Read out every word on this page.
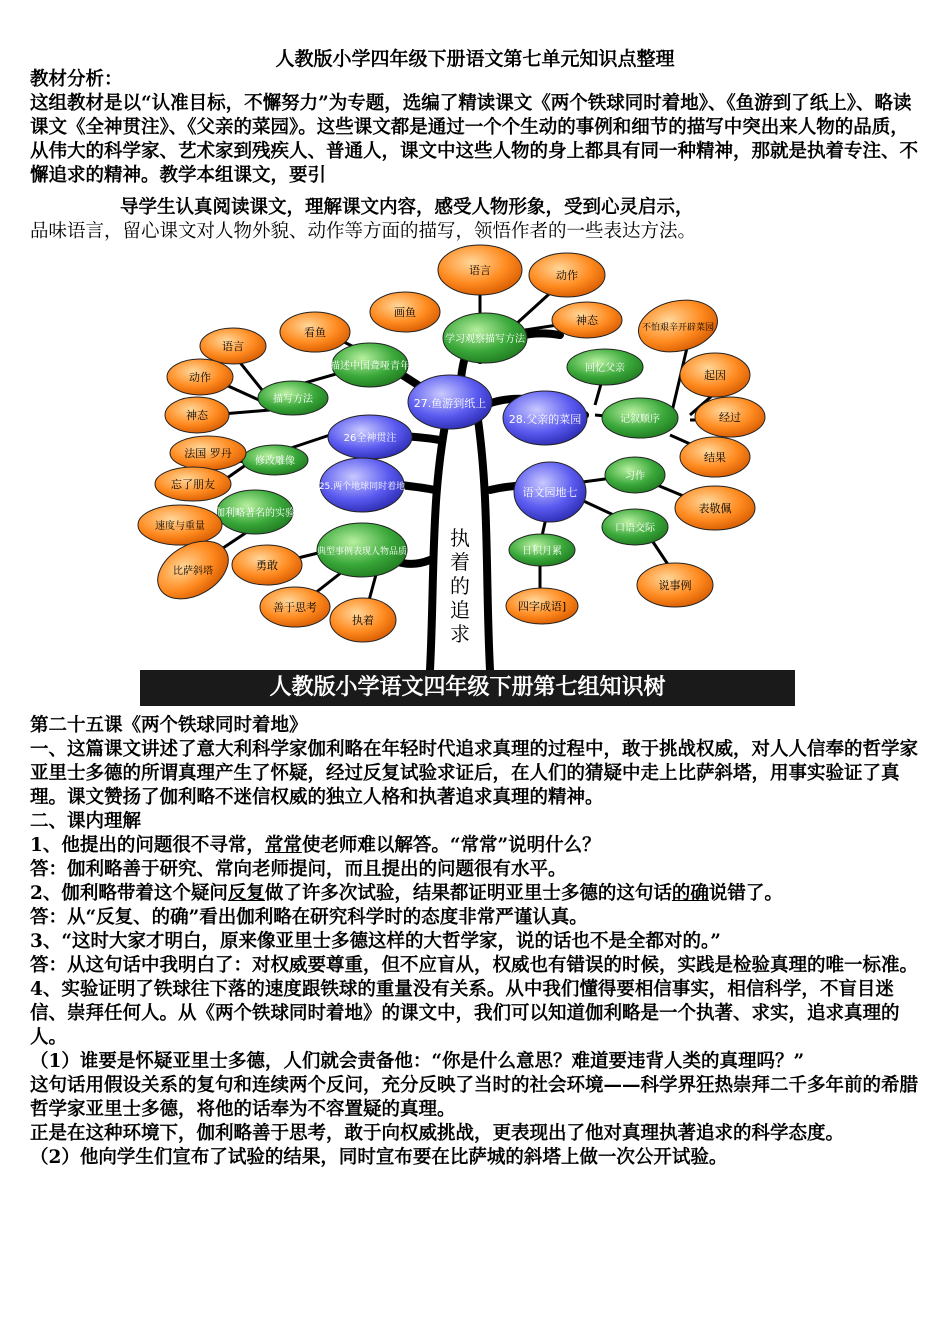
人教版小学四年级下册语文第七单元知识点整理
教材分析：

这组教材是以“认准目标，不懈努力”为专题，选编了精读课文《两个铁球同时着地》、《鱼游到了纸上》、略读课文《全神贯注》、《父亲的菜园》。这些课文都是通过一个个生动的事例和细节的描写中突出来人物的品质，从伟大的科学家、艺术家到残疾人、普通人，课文中这些人物的身上都具有同一种精神，那就是执着专注、不懈追求的精神。教学本组课文，要引

导学生认真阅读课文，理解课文内容，感受人物形象，受到心灵启示，

品味语言，留心课文对人物外貌、动作等方面的描写，领悟作者的一些表达方法。

27.鱼游到纸上
28.父亲的菜园
26全神贯注
25.两个地球同时着地	语文园地七
学习观察描写方法
描述中国聋哑青年	回忆父亲
描写方法
记叙顺序
修改雕像
习作
伽利略著名的实验
口语交际
典型事例表现人物品质	日积月累
语言	动作
画鱼
看鱼
神态
不怕艰辛开辟菜园
语言
动作	起因
神态	经过
法国 罗丹	结果
忘了朋友
速度与重量
表敬佩
比萨斜塔	勇敢
说事例
善于思考
执着
四字成语]
执着的追求
人教版小学语文四年级下册第七组知识树
第二十五课《两个铁球同时着地》
一、这篇课文讲述了意大利科学家伽利略在年轻时代追求真理的过程中，敢于挑战权威，对人人信奉的哲学家亚里士多德的所谓真理产生了怀疑，经过反复试验求证后，在人们的猜疑中走上比萨斜塔，用事实验证了真理。课文赞扬了伽利略不迷信权威的独立人格和执著追求真理的精神。
二、课内理解
1、他提出的问题很不寻常，常常使老师难以解答。“常常”说明什么？
答：伽利略善于研究、常向老师提问，而且提出的问题很有水平。
2、伽利略带着这个疑问反复做了许多次试验，结果都证明亚里士多德的这句话的确说错了。
答：从“反复、的确”看出伽利略在研究科学时的态度非常严谨认真。
3、“这时大家才明白，原来像亚里士多德这样的大哲学家，说的话也不是全都对的。”
答：从这句话中我明白了：对权威要尊重，但不应盲从，权威也有错误的时候，实践是检验真理的唯一标准。
4、实验证明了铁球往下落的速度跟铁球的重量没有关系。从中我们懂得要相信事实，相信科学，不盲目迷信、崇拜任何人。从《两个铁球同时着地》的课文中，我们可以知道伽利略是一个执著、求实，追求真理的人。
（1）谁要是怀疑亚里士多德，人们就会责备他：“你是什么意思？难道要违背人类的真理吗？”
这句话用假设关系的复句和连续两个反问，充分反映了当时的社会环境——科学界狂热崇拜二千多年前的希腊哲学家亚里士多德，将他的话奉为不容置疑的真理。
正是在这种环境下，伽利略善于思考，敢于向权威挑战，更表现出了他对真理执著追求的科学态度。
（2）他向学生们宣布了试验的结果，同时宣布要在比萨城的斜塔上做一次公开试验。
